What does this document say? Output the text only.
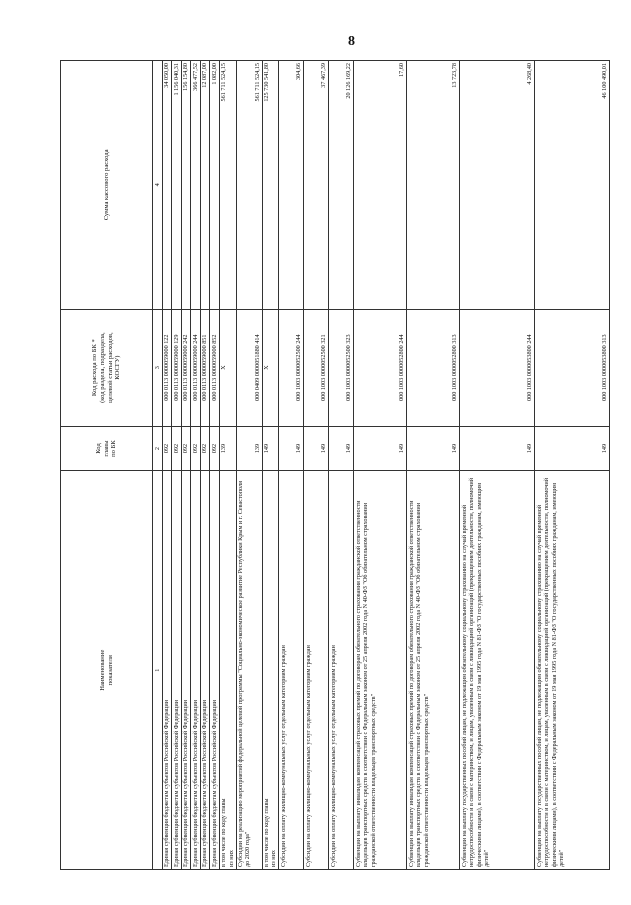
8
Наименование
показателя	Код
главы
по БК	Код расхода по БК *
(код раздела, подраздела,
целевой статьи расходов,
КОСГУ)	Сумма кассового расхода
1	2	3	4
Единая субвенция бюджетам субъектов Российской Федерации	092	000 0113 0000059000 122	34 050,00
Единая субвенция бюджетам субъектов Российской Федерации	092	000 0113 0000059000 129	1 156 040,31
Единая субвенция бюджетам субъектов Российской Федерации	092	000 0113 0000059000 242	156 154,80
Единая субвенция бюджетам субъектов Российской Федерации	092	000 0113 0000059000 244	366 477,52
Единая субвенция бюджетам субъектов Российской Федерации	092	000 0113 0000059000 851	12 087,00
Единая субвенция бюджетам субъектов Российской Федерации	092	000 0113 0000059000 852	1 082,00
в том числе по коду главы
из них	139	X	561 711 524,15
Субсидии на реализацию мероприятий федеральной целевой программы "Социально-экономическое развитие Республики Крым и г. Севастополя до 2020 года"	139	000 0409 0000051880 414	561 711 524,15
в том числе по коду главы
из них	149	X	125 730 541,80
Субсидии на оплату жилищно-коммунальных услуг отдельным категориям граждан	149	000 1003 0000052500 244	304,66
Субсидии на оплату жилищно-коммунальных услуг отдельным категориям граждан	149	000 1003 0000052500 321	37 467,39
Субсидии на оплату жилищно-коммунальных услуг отдельным категориям граждан	149	000 1003 0000052500 323	20 126 169,22
Субвенции на выплату инвалидам компенсаций страховых премий по договорам обязательного страхования гражданской ответственности владельцев транспортных средств в соответствии с Федеральным законом от 25 апреля 2002 года N 40-ФЗ "Об обязательном страховании гражданской ответственности владельцев транспортных средств"	149	000 1003 0000052800 244	17,60
Субвенции на выплату инвалидам компенсаций страховых премий по договорам обязательного страхования гражданской ответственности владельцев транспортных средств в соответствии с Федеральным законом от 25 апреля 2002 года N 40-ФЗ "Об обязательном страховании гражданской ответственности владельцев транспортных средств"	149	000 1003 0000052800 313	13 723,78
Субвенции на выплату государственных пособий лицам, не подлежащим обязательному социальному страхованию на случай временной нетрудоспособности и в связи с материнством, и лицам, уволенным в связи с ликвидацией организаций (прекращением деятельности, полномочий физическими лицами), в соответствии с Федеральным законом от 19 мая 1995 года N 81-ФЗ "О государственных пособиях гражданам, имеющим детей"	149	000 1003 0000053800 244	4 268,40
Субвенции на выплату государственных пособий лицам, не подлежащим обязательному социальному страхованию на случай временной нетрудоспособности и в связи с материнством, и лицам, уволенным в связи с ликвидацией организаций (прекращением деятельности, полномочий физическими лицами), в соответствии с Федеральным законом от 19 мая 1995 года N 81-ФЗ "О государственных пособиях гражданам, имеющим детей"	149	000 1003 0000053800 313	46 100 490,01
